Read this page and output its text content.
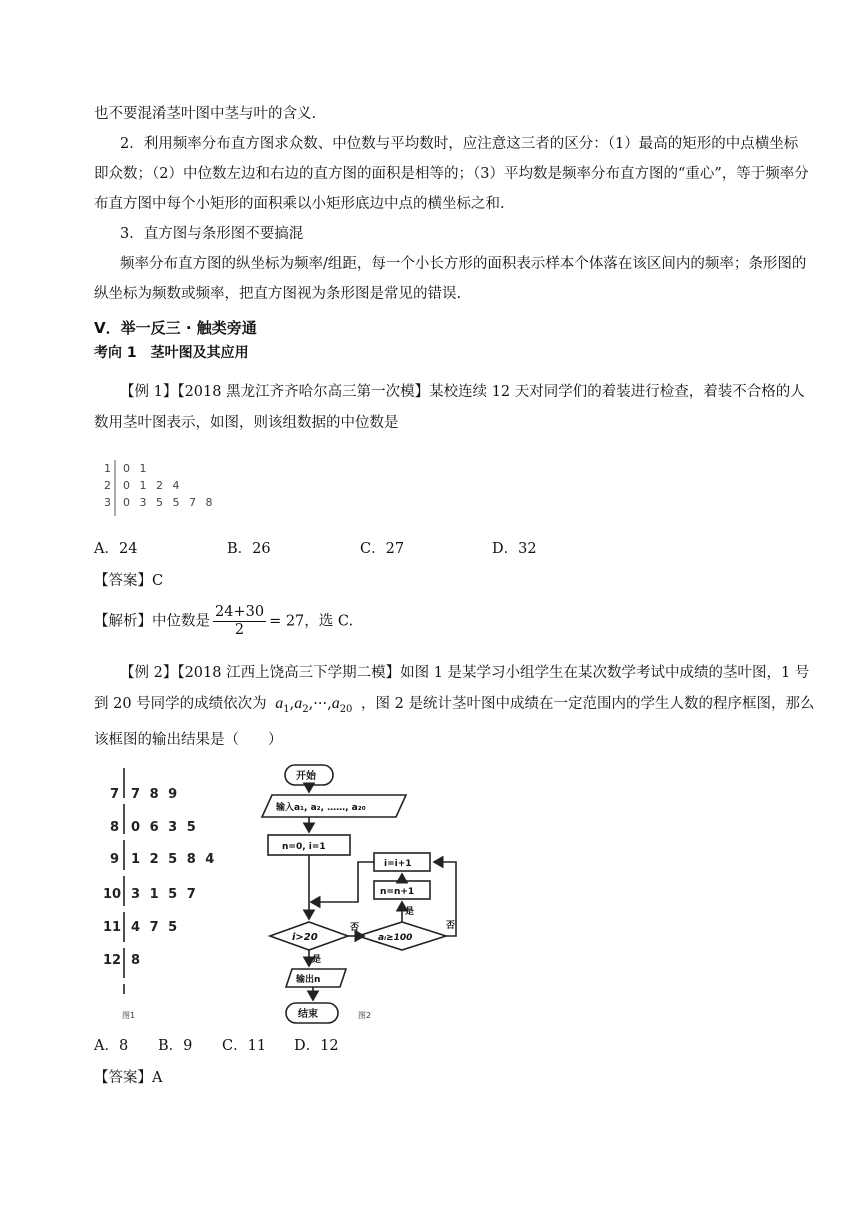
也不要混淆茎叶图中茎与叶的含义.
2．利用频率分布直方图求众数、中位数与平均数时，应注意这三者的区分：（1）最高的矩形的中点横坐标
即众数；（2）中位数左边和右边的直方图的面积是相等的；（3）平均数是频率分布直方图的“重心”，等于频率分
布直方图中每个小矩形的面积乘以小矩形底边中点的横坐标之和.
3．直方图与条形图不要搞混
频率分布直方图的纵坐标为频率/组距，每一个小长方形的面积表示样本个体落在该区间内的频率；条形图的
纵坐标为频数或频率，把直方图视为条形图是常见的错误.
V．举一反三 · 触类旁通
考向 1　茎叶图及其应用
【例 1】【2018 黑龙江齐齐哈尔高三第一次模】某校连续 12 天对同学们的着装进行检查，着装不合格的人
数用茎叶图表示，如图，则该组数据的中位数是
1 0 1
2 0 1 2 4
3 0 3 5 5 7 8
A．24	B．26	C．27	D．32
【答案】C
【解析】中位数是 $\frac{24+30}{2} = 27$，选 C.
【例 2】【2018 江西上饶高三下学期二模】如图 1 是某学习小组学生在某次数学考试中成绩的茎叶图，1 号
到 20 号同学的成绩依次为 $a_1,a_2,\cdot\cdot\cdot,a_{20}$ ，图 2 是统计茎叶图中成绩在一定范围内的学生人数的程序框图，那么
该框图的输出结果是（　　）
7 7 8 9
8 0 6 3 5
9 1 2 5 8 4
10 3 1 5 7
11 4 7 5
12 8
图1
开始
输入a₁, a₂, ……, a₂₀
n=0, i=1
i=i+1
n=n+1
i>20	aᵢ≥100
否
是
否
是
输出n
结束	图2
A．8 B．9 C．11 D．12
【答案】A
